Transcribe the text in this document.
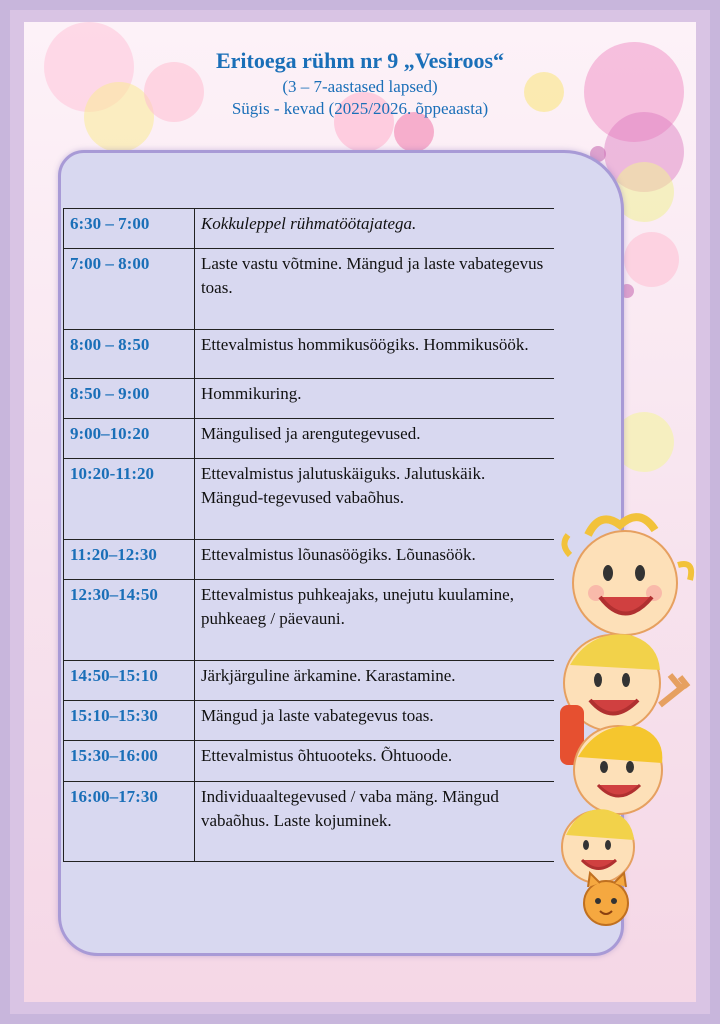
Eritoega rühm nr 9 „Vesiroos“
(3 – 7-aastased lapsed)
Sügis - kevad (2025/2026. õppeaasta)
6:30 – 7:00	Kokkuleppel rühmatöötajatega.
7:00 – 8:00	Laste vastu võtmine. Mängud ja laste vabategevus toas.
8:00 – 8:50	Ettevalmistus hommikusöögiks. Hommikusöök.
8:50 – 9:00	Hommikuring.
9:00–10:20	Mängulised ja arengutegevused.
10:20-11:20	Ettevalmistus jalutuskäiguks. Jalutuskäik. Mängud-tegevused vabaõhus.
11:20–12:30	Ettevalmistus lõunasöögiks. Lõunasöök.
12:30–14:50	Ettevalmistus puhkeajaks, unejutu kuulamine, puhkeaeg / päevauni.
14:50–15:10	Järkjärguline ärkamine. Karastamine.
15:10–15:30	Mängud ja laste vabategevus toas.
15:30–16:00	Ettevalmistus õhtuooteks. Õhtuoode.
16:00–17:30	Individuaaltegevused / vaba mäng. Mängud vabaõhus. Laste kojuminek.
